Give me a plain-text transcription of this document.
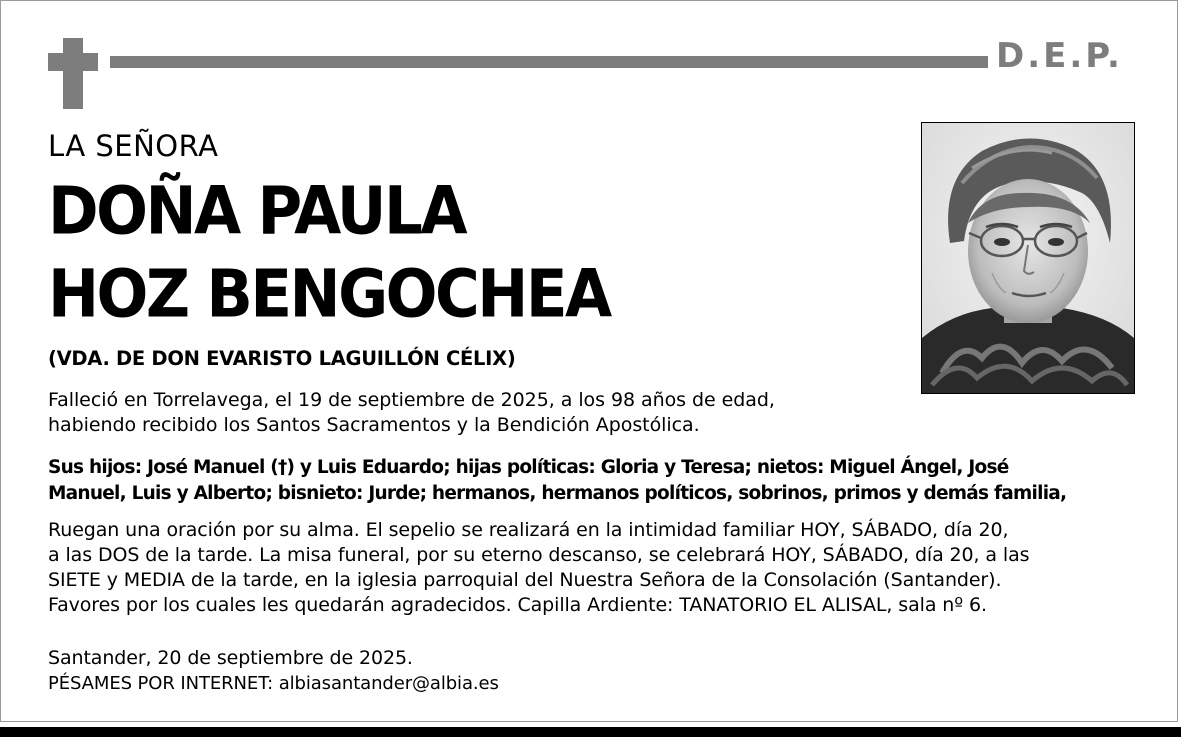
D.E.P.
LA SEÑORA
DOÑA PAULA
HOZ BENGOCHEA
(VDA. DE DON EVARISTO LAGUILLÓN CÉLIX)
Falleció en Torrelavega, el 19 de septiembre de 2025, a los 98 años de edad,
habiendo recibido los Santos Sacramentos y la Bendición Apostólica.
Sus hijos: José Manuel (†) y Luis Eduardo; hijas políticas: Gloria y Teresa; nietos: Miguel Ángel, José
Manuel, Luis y Alberto; bisnieto: Jurde; hermanos, hermanos políticos, sobrinos, primos y demás familia,
Ruegan una oración por su alma. El sepelio se realizará en la intimidad familiar HOY, SÁBADO, día 20,
a las DOS de la tarde. La misa funeral, por su eterno descanso, se celebrará HOY, SÁBADO, día 20, a las
SIETE y MEDIA de la tarde, en la iglesia parroquial del Nuestra Señora de la Consolación (Santander).
Favores por los cuales les quedarán agradecidos. Capilla Ardiente: TANATORIO EL ALISAL, sala nº 6.
Santander, 20 de septiembre de 2025.
PÉSAMES POR INTERNET: albiasantander@albia.es
